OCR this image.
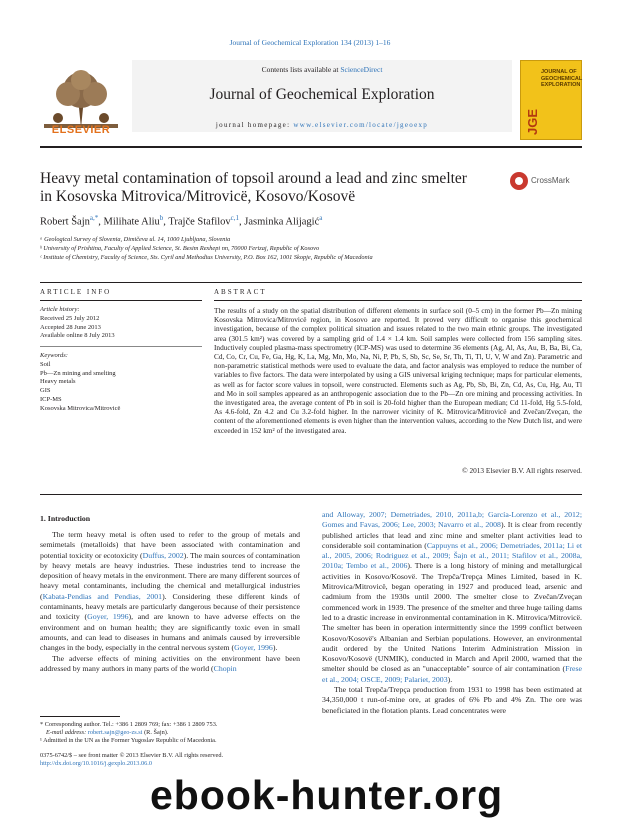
Journal of Geochemical Exploration 134 (2013) 1–16
ELSEVIER
Contents lists available at ScienceDirect
Journal of Geochemical Exploration
journal homepage: www.elsevier.com/locate/jgeoexp	JGE
JOURNAL OF GEOCHEMICAL EXPLORATION
Heavy metal contamination of topsoil around a lead and zinc smelter
in Kosovska Mitrovica/Mitrovicë, Kosovo/Kosovë
CrossMark
Robert Šajn$^{a,*}$, Milihate Aliu$^b$, Trajče Stafilov$^{c,1}$, Jasminka Alijagić$^a$
ᵃ Geological Survey of Slovenia, Dimičeva ul. 14, 1000 Ljubljana, Slovenia
ᵇ University of Prishtina, Faculty of Applied Science, St. Besim Rexhepi nn, 70000 Ferizaj, Republic of Kosovo
ᶜ Institute of Chemistry, Faculty of Science, Sts. Cyril and Methodius University, P.O. Box 162, 1001 Skopje, Republic of Macedonia
ARTICLE INFO	ABSTRACT
Article history:
Received 25 July 2012
Accepted 28 June 2013
Available online 8 July 2013
Keywords:
Soil
Pb—Zn mining and smelting
Heavy metals
GIS
ICP-MS
Kosovska Mitrovica/Mitrovicë
The results of a study on the spatial distribution of different elements in surface soil (0–5 cm) in the former Pb—Zn mining Kosovska Mitrovica/Mitrovicë region, in Kosovo are reported. It proved very difficult to organise this geochemical investigation, because of the complex political situation and issues related to the two main ethnic groups. The investigated area (301.5 km²) was covered by a sampling grid of 1.4 × 1.4 km. Soil samples were collected from 156 sampling sites. Inductively coupled plasma-mass spectrometry (ICP-MS) was used to determine 36 elements (Ag, Al, As, Au, B, Ba, Bi, Ca, Cd, Co, Cr, Cu, Fe, Ga, Hg, K, La, Mg, Mn, Mo, Na, Ni, P, Pb, S, Sb, Sc, Se, Sr, Th, Ti, Tl, U, V, W and Zn). Parametric and non-parametric statistical methods were used to evaluate the data, and factor analysis was employed to reduce the number of variables to five factors. The data were interpolated by using a GIS universal kriging technique; maps for particular elements, as well as for factor score values in topsoil, were constructed. Elements such as Ag, Pb, Sb, Bi, Zn, Cd, As, Cu, Hg, Au, Tl and Mo in soil samples appeared as an anthropogenic association due to the Pb—Zn ore mining and processing activities. In the investigated area, the average content of Pb in soil is 20-fold higher than the European median; Cd 11-fold, Hg 5.5-fold, As 4.6-fold, Zn 4.2 and Cu 3.2-fold higher. In the narrower vicinity of K. Mitrovica/Mitrovicë and Zvečan/Zveçan, the content of the aforementioned elements is even higher than the intervention values, according to the New Dutch list, and were exceeded in 152 km² of the investigated area.
© 2013 Elsevier B.V. All rights reserved.
1. Introduction

The term heavy metal is often used to refer to the group of metals and semimetals (metalloids) that have been associated with contamination and potential toxicity or ecotoxicity (Duffus, 2002). The main sources of contamination by heavy metals are heavy industries. These industries tend to increase the deposition of heavy metals in the environment. There are many different sources of heavy metal contaminants, including the chemical and metallurgical industries (Kabata-Pendias and Pendias, 2001). Considering these different kinds of contaminants, heavy metals are particularly dangerous because of their persistence and toxicity (Goyer, 1996), and are known to have adverse effects on the environment and on human health; they are significantly toxic even in small amounts, and can lead to diseases in humans and animals caused by irreversible changes in the body, especially in the central nervous system (Goyer, 1996).

The adverse effects of mining activities on the environment have been addressed by many authors in many parts of the world (Chopin

and Alloway, 2007; Demetriades, 2010, 2011a,b; García-Lorenzo et al., 2012; Gomes and Favas, 2006; Lee, 2003; Navarro et al., 2008). It is clear from recently published articles that lead and zinc mine and smelter plant activities lead to considerable soil contamination (Cappuyns et al., 2006; Demetriades, 2011a; Li et al., 2005, 2006; Rodriguez et al., 2009; Šajn et al., 2011; Stafilov et al., 2008a, 2010a; Tembo et al., 2006). There is a long history of mining and metallurgical activities in Kosovo/Kosovë. The Trepča/Trepça Mines Limited, based in K. Mitrovica/Mitrovicë, began operating in 1927 and produced lead, arsenic and cadmium from the 1930s until 2000. The smelter close to Zvečan/Zveçan commenced work in 1939. The presence of the smelter and three huge tailing dams led to a drastic increase in environmental contamination in K. Mitrovica/Mitrovicë. The smelter has been in operation intermittently since the 1999 conflict between Kosovo/Kosovë's Albanian and Serbian populations. However, an environmental audit ordered by the United Nations Interim Administration Mission in Kosovo/Kosovë (UNMIK), conducted in March and April 2000, warned that the smelter should be closed as an "unacceptable" source of air contamination (Frese et al., 2004; OSCE, 2009; Palariet, 2003).

The total Trepča/Trepça production from 1931 to 1998 has been estimated at 34,350,000 t run-of-mine ore, at grades of 6% Pb and 4% Zn. The ore was beneficiated in the flotation plants. Lead concentrates were

* Corresponding author. Tel.: +386 1 2809 769; fax: +386 1 2809 753.
E-mail address: robert.sajn@geo-zs.si (R. Šajn).
¹ Admitted in the UN as the Former Yugoslav Republic of Macedonia.
0375-6742/$ – see front matter © 2013 Elsevier B.V. All rights reserved.
http://dx.doi.org/10.1016/j.gexplo.2013.06.0
ebook-hunter.org
